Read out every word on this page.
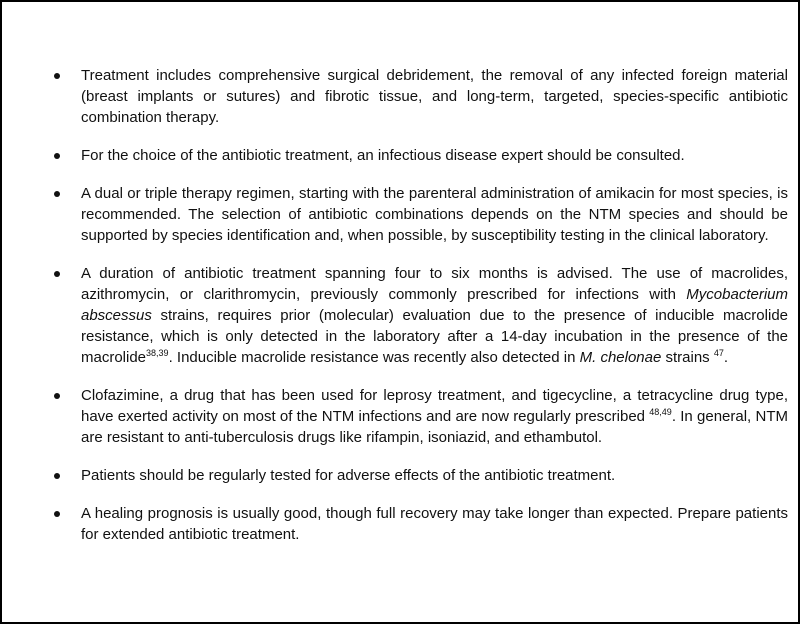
Treatment includes comprehensive surgical debridement, the removal of any infected foreign material (breast implants or sutures) and fibrotic tissue, and long-term, targeted, species-specific antibiotic combination therapy.
For the choice of the antibiotic treatment, an infectious disease expert should be consulted.
A dual or triple therapy regimen, starting with the parenteral administration of amikacin for most species, is recommended. The selection of antibiotic combinations depends on the NTM species and should be supported by species identification and, when possible, by susceptibility testing in the clinical laboratory.
A duration of antibiotic treatment spanning four to six months is advised. The use of macrolides, azithromycin, or clarithromycin, previously commonly prescribed for infections with Mycobacterium abscessus strains, requires prior (molecular) evaluation due to the presence of inducible macrolide resistance, which is only detected in the laboratory after a 14-day incubation in the presence of the macrolide$^{38,39}$. Inducible macrolide resistance was recently also detected in M. chelonae strains $^{47}$.
Clofazimine, a drug that has been used for leprosy treatment, and tigecycline, a tetracycline drug type, have exerted activity on most of the NTM infections and are now regularly prescribed $^{48,49}$. In general, NTM are resistant to anti-tuberculosis drugs like rifampin, isoniazid, and ethambutol.
Patients should be regularly tested for adverse effects of the antibiotic treatment.
A healing prognosis is usually good, though full recovery may take longer than expected. Prepare patients for extended antibiotic treatment.
